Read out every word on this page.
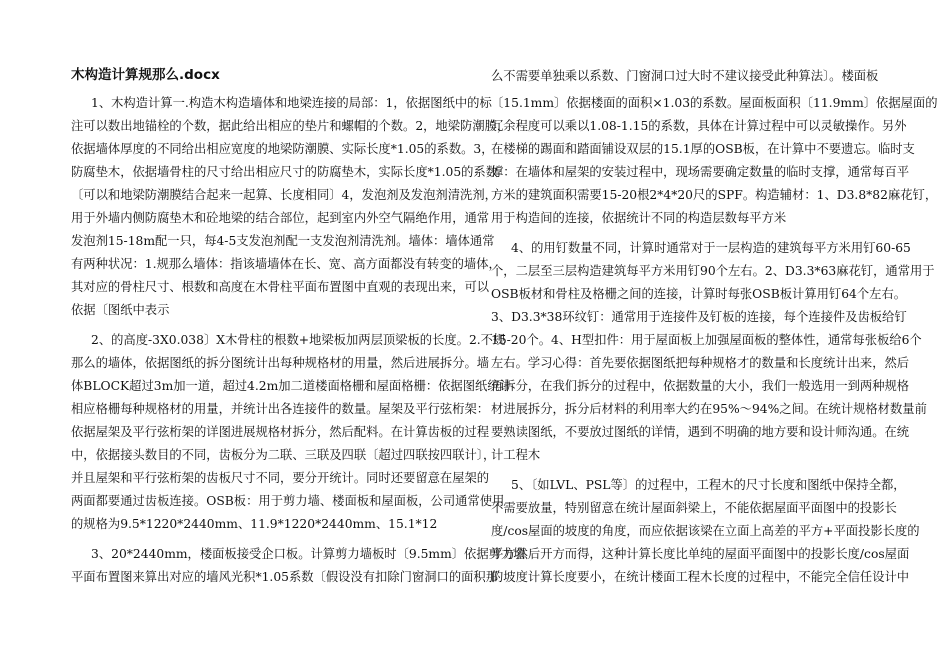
木构造计算规那么.docx
1、木构造计算一.构造木构造墙体和地梁连接的局部：1，依据图纸中的标
注可以数出地锚栓的个数，据此给出相应的垫片和螺帽的个数。2，地梁防潮膜，
依据墙体厚度的不同给出相应宽度的地梁防潮膜、实际长度*1.05的系数。3，
防腐垫木，依据墙骨柱的尺寸给出相应尺寸的防腐垫木，实际长度*1.05的系数
〔可以和地梁防潮膜结合起来一起算、长度相同〕4，发泡剂及发泡剂清洗剂，
用于外墙内侧防腐垫木和砼地梁的结合部位，起到室内外空气隔绝作用，通常
发泡剂15-18m配一只，每4-5支发泡剂配一支发泡剂清洗剂。墙体：墙体通常
有两种状况：1.规那么墙体：指该墙墙体在长、宽、高方面都没有转变的墙体，
其对应的骨柱尺寸、根数和高度在木骨柱平面布置图中直观的表现出来，可以
依据〔图纸中表示
2、的高度-3X0.038〕X木骨柱的根数+地梁板加两层顶梁板的长度。2.不规
那么的墙体，依据图纸的拆分图统计出每种规格材的用量，然后进展拆分。墙
体BLOCK超过3m加一道，超过4.2m加二道楼面格栅和屋面格栅：依据图纸统计
相应格栅每种规格材的用量，并统计出各连接件的数量。屋架及平行弦桁架：
依据屋架及平行弦桁架的详图进展规格材拆分，然后配料。在计算齿板的过程
中，依据接头数目的不同，齿板分为二联、三联及四联〔超过四联按四联计〕，
并且屋架和平行弦桁架的齿板尺寸不同，要分开统计。同时还要留意在屋架的
两面都要通过齿板连接。OSB板：用于剪力墙、楼面板和屋面板，公司通常使用
的规格为9.5*1220*2440mm、11.9*1220*2440mm、15.1*12
3、20*2440mm，楼面板接受企口板。计算剪力墙板时〔9.5mm〕依据剪力墙
平面布置图来算出对应的墙风光积*1.05系数〔假设没有扣除门窗洞口的面积那
么不需要单独乘以系数、门窗洞口过大时不建议接受此种算法〕。楼面板
〔15.1mm〕依据楼面的面积×1.03的系数。屋面板面积〔11.9mm〕依据屋面的
冗余程度可以乘以1.08-1.15的系数，具体在计算过程中可以灵敏操作。另外
在楼梯的踢面和踏面铺设双层的15.1厚的OSB板，在计算中不要遗忘。临时支
撑：在墙体和屋架的安装过程中，现场需要确定数量的临时支撑，通常每百平
方米的建筑面积需要15-20根2*4*20尺的SPF。构造辅材：1、D3.8*82麻花钉，
用于构造间的连接，依据统计不同的构造层数每平方米
4、的用钉数量不同，计算时通常对于一层构造的建筑每平方米用钉60-65
个，二层至三层构造建筑每平方米用钉90个左右。2、D3.3*63麻花钉，通常用于
OSB板材和骨柱及格栅之间的连接，计算时每张OSB板计算用钉64个左右。
3、D3.3*38环纹钉：通常用于连接件及钉板的连接，每个连接件及齿板给钉
15-20个。4、H型扣件：用于屋面板上加强屋面板的整体性，通常每张板给6个
左右。学习心得：首先要依据图纸把每种规格才的数量和长度统计出来，然后
再拆分，在我们拆分的过程中，依据数量的大小，我们一般选用一到两种规格
材进展拆分，拆分后材料的利用率大约在95%～94%之间。在统计规格材数量前
要熟读图纸，不要放过图纸的详情，遇到不明确的地方要和设计师沟通。在统
计工程木
5、〔如LVL、PSL等〕的过程中，工程木的尺寸长度和图纸中保持全都，
不需要放量，特别留意在统计屋面斜梁上，不能依据屋面平面图中的投影长
度/cos屋面的坡度的角度，而应依据该梁在立面上高差的平方+平面投影长度的
平方然后开方而得，这种计算长度比单纯的屋面平面图中的投影长度/cos屋面
的坡度计算长度要小，在统计楼面工程木长度的过程中，不能完全信任设计中
